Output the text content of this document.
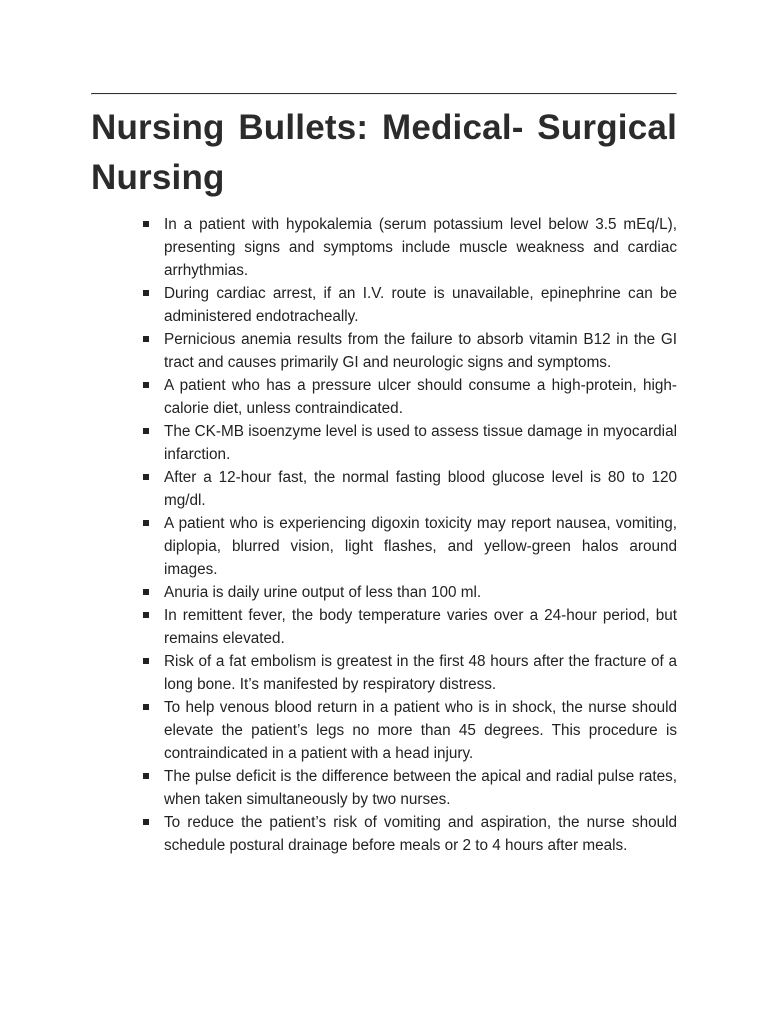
Nursing Bullets: Medical- Surgical Nursing
In a patient with hypokalemia (serum potassium level below 3.5 mEq/L), presenting signs and symptoms include muscle weakness and cardiac arrhythmias.
During cardiac arrest, if an I.V. route is unavailable, epinephrine can be administered endotracheally.
Pernicious anemia results from the failure to absorb vitamin B12 in the GI tract and causes primarily GI and neurologic signs and symptoms.
A patient who has a pressure ulcer should consume a high-protein, high- calorie diet, unless contraindicated.
The CK-MB isoenzyme level is used to assess tissue damage in myocardial infarction.
After a 12-hour fast, the normal fasting blood glucose level is 80 to 120 mg/dl.
A patient who is experiencing digoxin toxicity may report nausea, vomiting, diplopia, blurred vision, light flashes, and yellow-green halos around images.
Anuria is daily urine output of less than 100 ml.
In remittent fever, the body temperature varies over a 24-hour period, but remains elevated.
Risk of a fat embolism is greatest in the first 48 hours after the fracture of a long bone. It’s manifested by respiratory distress.
To help venous blood return in a patient who is in shock, the nurse should elevate the patient’s legs no more than 45 degrees. This procedure is contraindicated in a patient with a head injury.
The pulse deficit is the difference between the apical and radial pulse rates, when taken simultaneously by two nurses.
To reduce the patient’s risk of vomiting and aspiration, the nurse should schedule postural drainage before meals or 2 to 4 hours after meals.
